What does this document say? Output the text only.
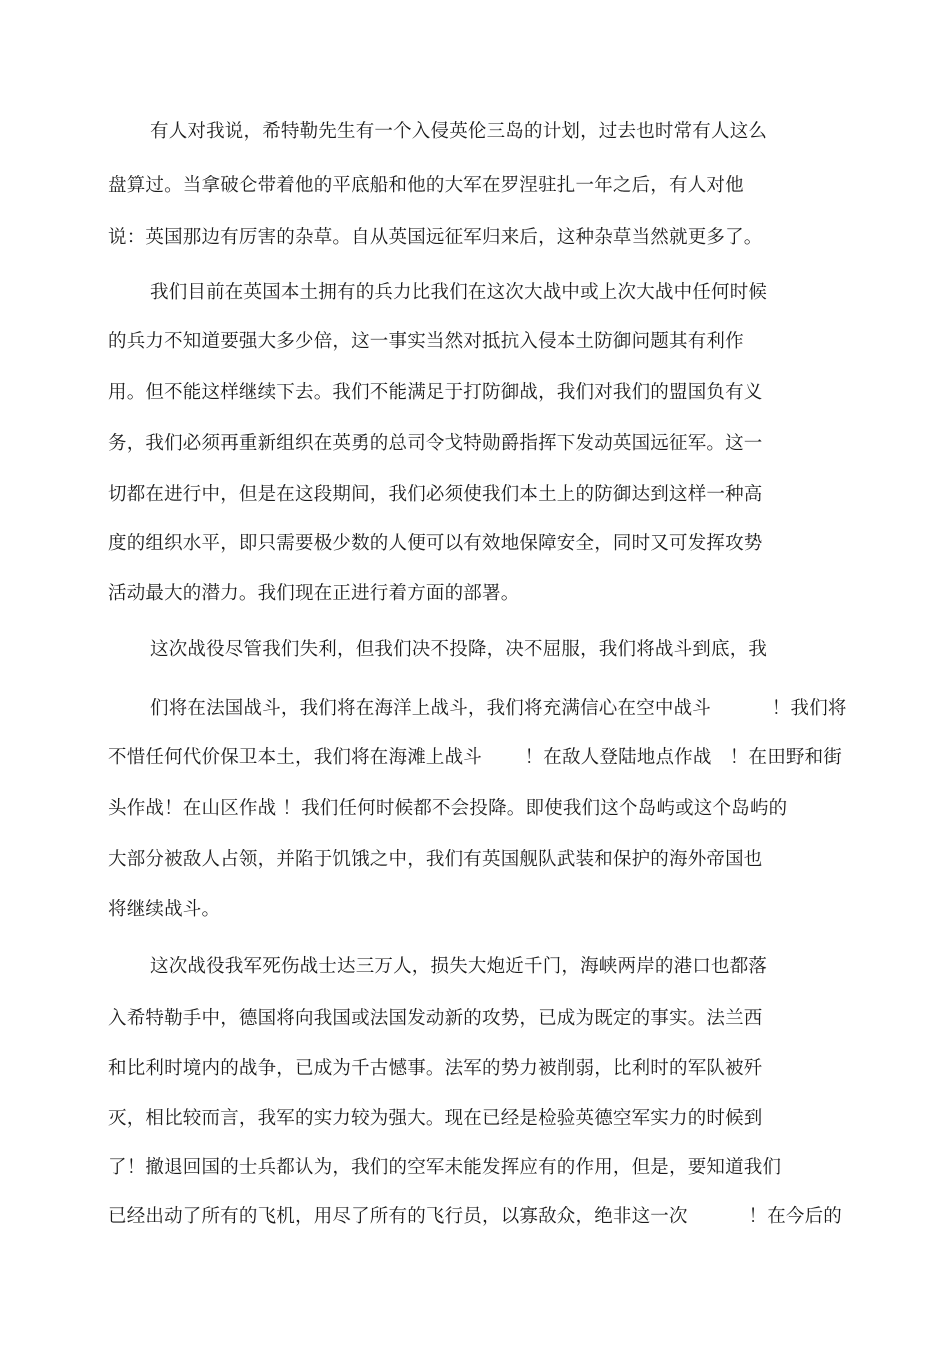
有人对我说，希特勒先生有一个入侵英伦三岛的计划，过去也时常有人这么
盘算过。当拿破仑带着他的平底船和他的大军在罗涅驻扎一年之后，有人对他
说：英国那边有厉害的杂草。自从英国远征军归来后，这种杂草当然就更多了。
我们目前在英国本土拥有的兵力比我们在这次大战中或上次大战中任何时候
的兵力不知道要强大多少倍，这一事实当然对抵抗入侵本土防御问题其有利作
用。但不能这样继续下去。我们不能满足于打防御战，我们对我们的盟国负有义
务，我们必须再重新组织在英勇的总司令戈特勋爵指挥下发动英国远征军。这一
切都在进行中，但是在这段期间，我们必须使我们本土上的防御达到这样一种高
度的组织水平，即只需要极少数的人便可以有效地保障安全，同时又可发挥攻势
活动最大的潜力。我们现在正进行着方面的部署。
这次战役尽管我们失利，但我们决不投降，决不屈服，我们将战斗到底，我
们将在法国战斗，我们将在海洋上战斗，我们将充满信心在空中战斗          ！我们将
不惜任何代价保卫本土，我们将在海滩上战斗       ！在敌人登陆地点作战   ！在田野和街
头作战！在山区作战 ！我们任何时候都不会投降。即使我们这个岛屿或这个岛屿的
大部分被敌人占领，并陷于饥饿之中，我们有英国舰队武装和保护的海外帝国也
将继续战斗。
这次战役我军死伤战士达三万人，损失大炮近千门，海峡两岸的港口也都落
入希特勒手中，德国将向我国或法国发动新的攻势，已成为既定的事实。法兰西
和比利时境内的战争，已成为千古憾事。法军的势力被削弱，比利时的军队被歼
灭，相比较而言，我军的实力较为强大。现在已经是检验英德空军实力的时候到
了！撤退回国的士兵都认为，我们的空军未能发挥应有的作用，但是，要知道我们
已经出动了所有的飞机，用尽了所有的飞行员，以寡敌众，绝非这一次          ！在今后的
